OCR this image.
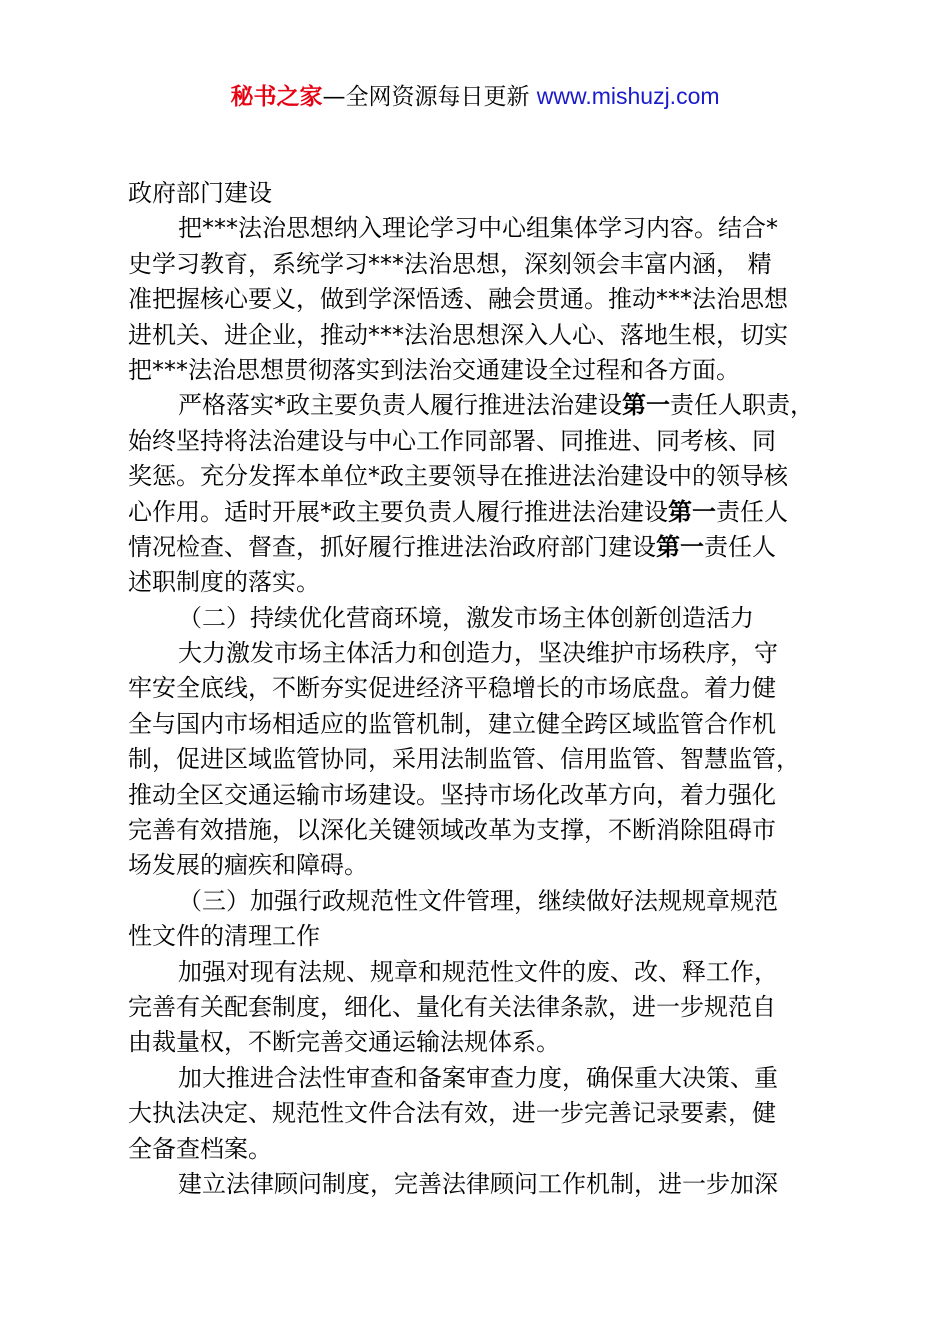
秘书之家—全网资源每日更新 www.mishuzj.com
政府部门建设
把***法治思想纳入理论学习中心组集体学习内容。结合*
史学习教育，系统学习***法治思想，深刻领会丰富内涵， 精
准把握核心要义，做到学深悟透、融会贯通。推动***法治思想
进机关、进企业，推动***法治思想深入人心、落地生根，切实
把***法治思想贯彻落实到法治交通建设全过程和各方面。
严格落实*政主要负责人履行推进法治建设第一责任人职责，
始终坚持将法治建设与中心工作同部署、同推进、同考核、同
奖惩。充分发挥本单位*政主要领导在推进法治建设中的领导核
心作用。适时开展*政主要负责人履行推进法治建设第一责任人
情况检查、督查，抓好履行推进法治政府部门建设第一责任人
述职制度的落实。
（二）持续优化营商环境，激发市场主体创新创造活力
大力激发市场主体活力和创造力，坚决维护市场秩序，守
牢安全底线，不断夯实促进经济平稳增长的市场底盘。着力健
全与国内市场相适应的监管机制，建立健全跨区域监管合作机
制，促进区域监管协同，采用法制监管、信用监管、智慧监管，
推动全区交通运输市场建设。坚持市场化改革方向，着力强化
完善有效措施，以深化关键领域改革为支撑，不断消除阻碍市
场发展的痼疾和障碍。
（三）加强行政规范性文件管理，继续做好法规规章规范
性文件的清理工作
加强对现有法规、规章和规范性文件的废、改、释工作，
完善有关配套制度，细化、量化有关法律条款，进一步规范自
由裁量权，不断完善交通运输法规体系。
加大推进合法性审查和备案审查力度，确保重大决策、重
大执法决定、规范性文件合法有效，进一步完善记录要素，健
全备查档案。
建立法律顾问制度，完善法律顾问工作机制，进一步加深
